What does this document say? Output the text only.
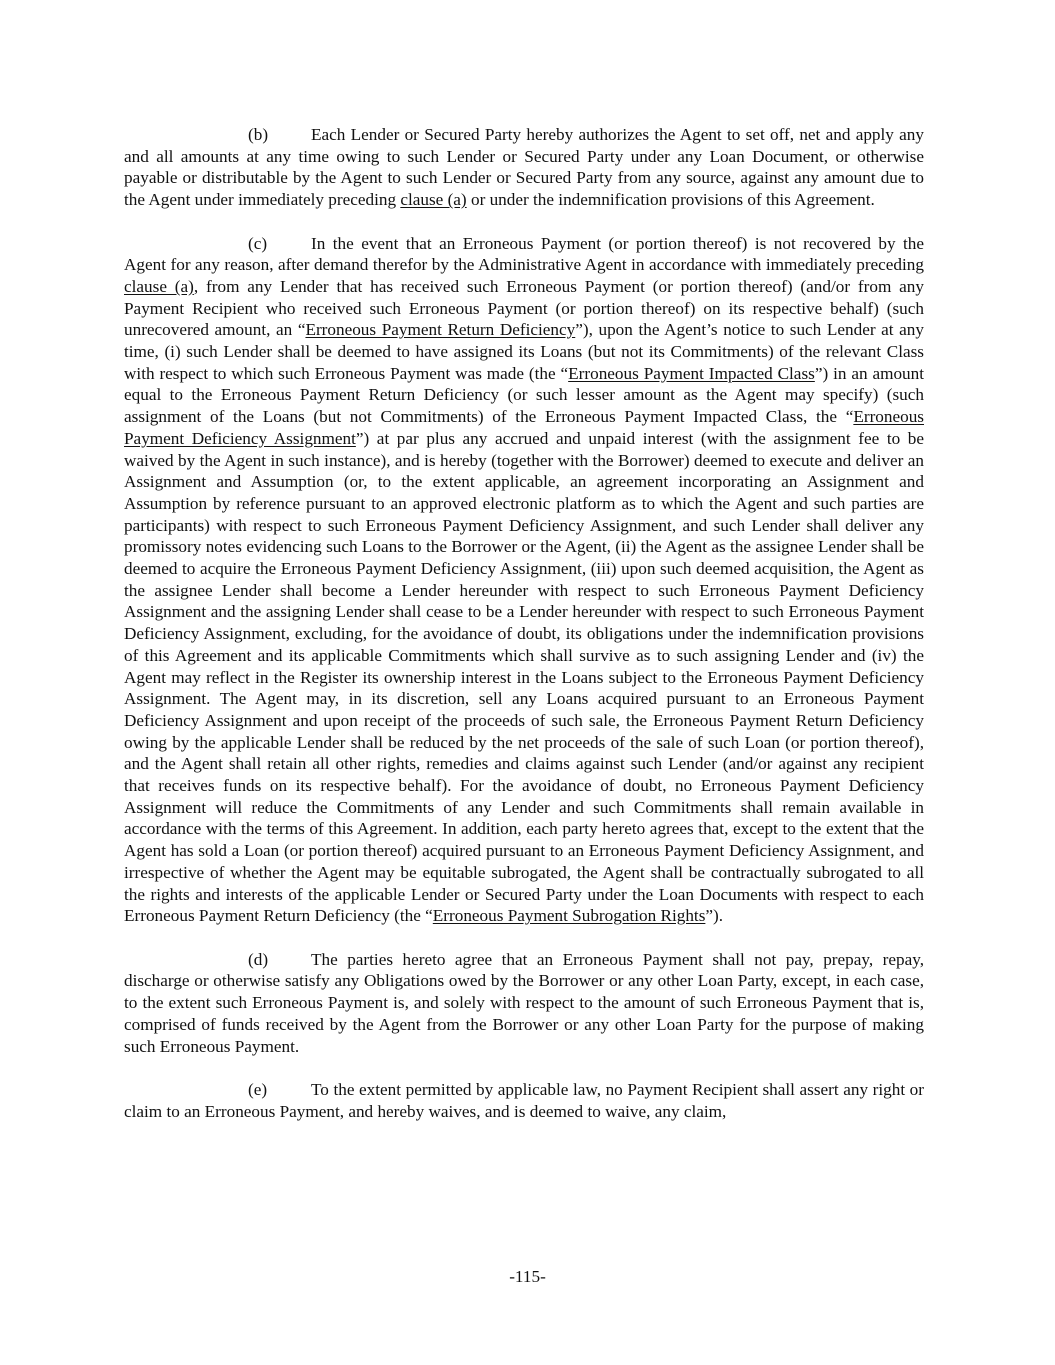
(b) Each Lender or Secured Party hereby authorizes the Agent to set off, net and apply any and all amounts at any time owing to such Lender or Secured Party under any Loan Document, or otherwise payable or distributable by the Agent to such Lender or Secured Party from any source, against any amount due to the Agent under immediately preceding clause (a) or under the indemnification provisions of this Agreement.

(c)	In the event that an Erroneous Payment (or portion thereof) is not recovered by the Agent for any reason, after demand therefor by the Administrative Agent in accordance with immediately preceding clause (a), from any Lender that has received such Erroneous Payment (or portion thereof) (and/or from any Payment Recipient who received such Erroneous Payment (or portion thereof) on its respective behalf) (such unrecovered amount, an “Erroneous Payment Return Deficiency”), upon the Agent’s notice to such Lender at any time, (i) such Lender shall be deemed to have assigned its Loans (but not its Commitments) of the relevant Class with respect to which such Erroneous Payment was made (the “Erroneous Payment Impacted Class”) in an amount equal to the Erroneous Payment Return Deficiency (or such lesser amount as the Agent may specify) (such assignment of the Loans (but not Commitments) of the Erroneous Payment Impacted Class, the “Erroneous Payment Deficiency Assignment”) at par plus any accrued and unpaid interest (with the assignment fee to be waived by the Agent in such instance), and is hereby (together with the Borrower) deemed to execute and deliver an Assignment and Assumption (or, to the extent applicable, an agreement incorporating an Assignment and Assumption by reference pursuant to an approved electronic platform as to which the Agent and such parties are participants) with respect to such Erroneous Payment Deficiency Assignment, and such Lender shall deliver any promissory notes evidencing such Loans to the Borrower or the Agent, (ii) the Agent as the assignee Lender shall be deemed to acquire the Erroneous Payment Deficiency Assignment, (iii) upon such deemed acquisition, the Agent as the assignee Lender shall become a Lender hereunder with respect to such Erroneous Payment Deficiency Assignment and the assigning Lender shall cease to be a Lender hereunder with respect to such Erroneous Payment Deficiency Assignment, excluding, for the avoidance of doubt, its obligations under the indemnification provisions of this Agreement and its applicable Commitments which shall survive as to such assigning Lender and (iv) the Agent may reflect in the Register its ownership interest in the Loans subject to the Erroneous Payment Deficiency Assignment. The Agent may, in its discretion, sell any Loans acquired pursuant to an Erroneous Payment Deficiency Assignment and upon receipt of the proceeds of such sale, the Erroneous Payment Return Deficiency owing by the applicable Lender shall be reduced by the net proceeds of the sale of such Loan (or portion thereof), and the Agent shall retain all other rights, remedies and claims against such Lender (and/or against any recipient that receives funds on its respective behalf). For the avoidance of doubt, no Erroneous Payment Deficiency Assignment will reduce the Commitments of any Lender and such Commitments shall remain available in accordance with the terms of this Agreement. In addition, each party hereto agrees that, except to the extent that the Agent has sold a Loan (or portion thereof) acquired pursuant to an Erroneous Payment Deficiency Assignment, and irrespective of whether the Agent may be equitable subrogated, the Agent shall be contractually subrogated to all the rights and interests of the applicable Lender or Secured Party under the Loan Documents with respect to each Erroneous Payment Return Deficiency (the “Erroneous Payment Subrogation Rights”).

(d) The parties hereto agree that an Erroneous Payment shall not pay, prepay, repay, discharge or otherwise satisfy any Obligations owed by the Borrower or any other Loan Party, except, in each case, to the extent such Erroneous Payment is, and solely with respect to the amount of such Erroneous Payment that is, comprised of funds received by the Agent from the Borrower or any other Loan Party for the purpose of making such Erroneous Payment.

(e)	To the extent permitted by applicable law, no Payment Recipient shall assert any right or claim to an Erroneous Payment, and hereby waives, and is deemed to waive, any claim,

-115-
